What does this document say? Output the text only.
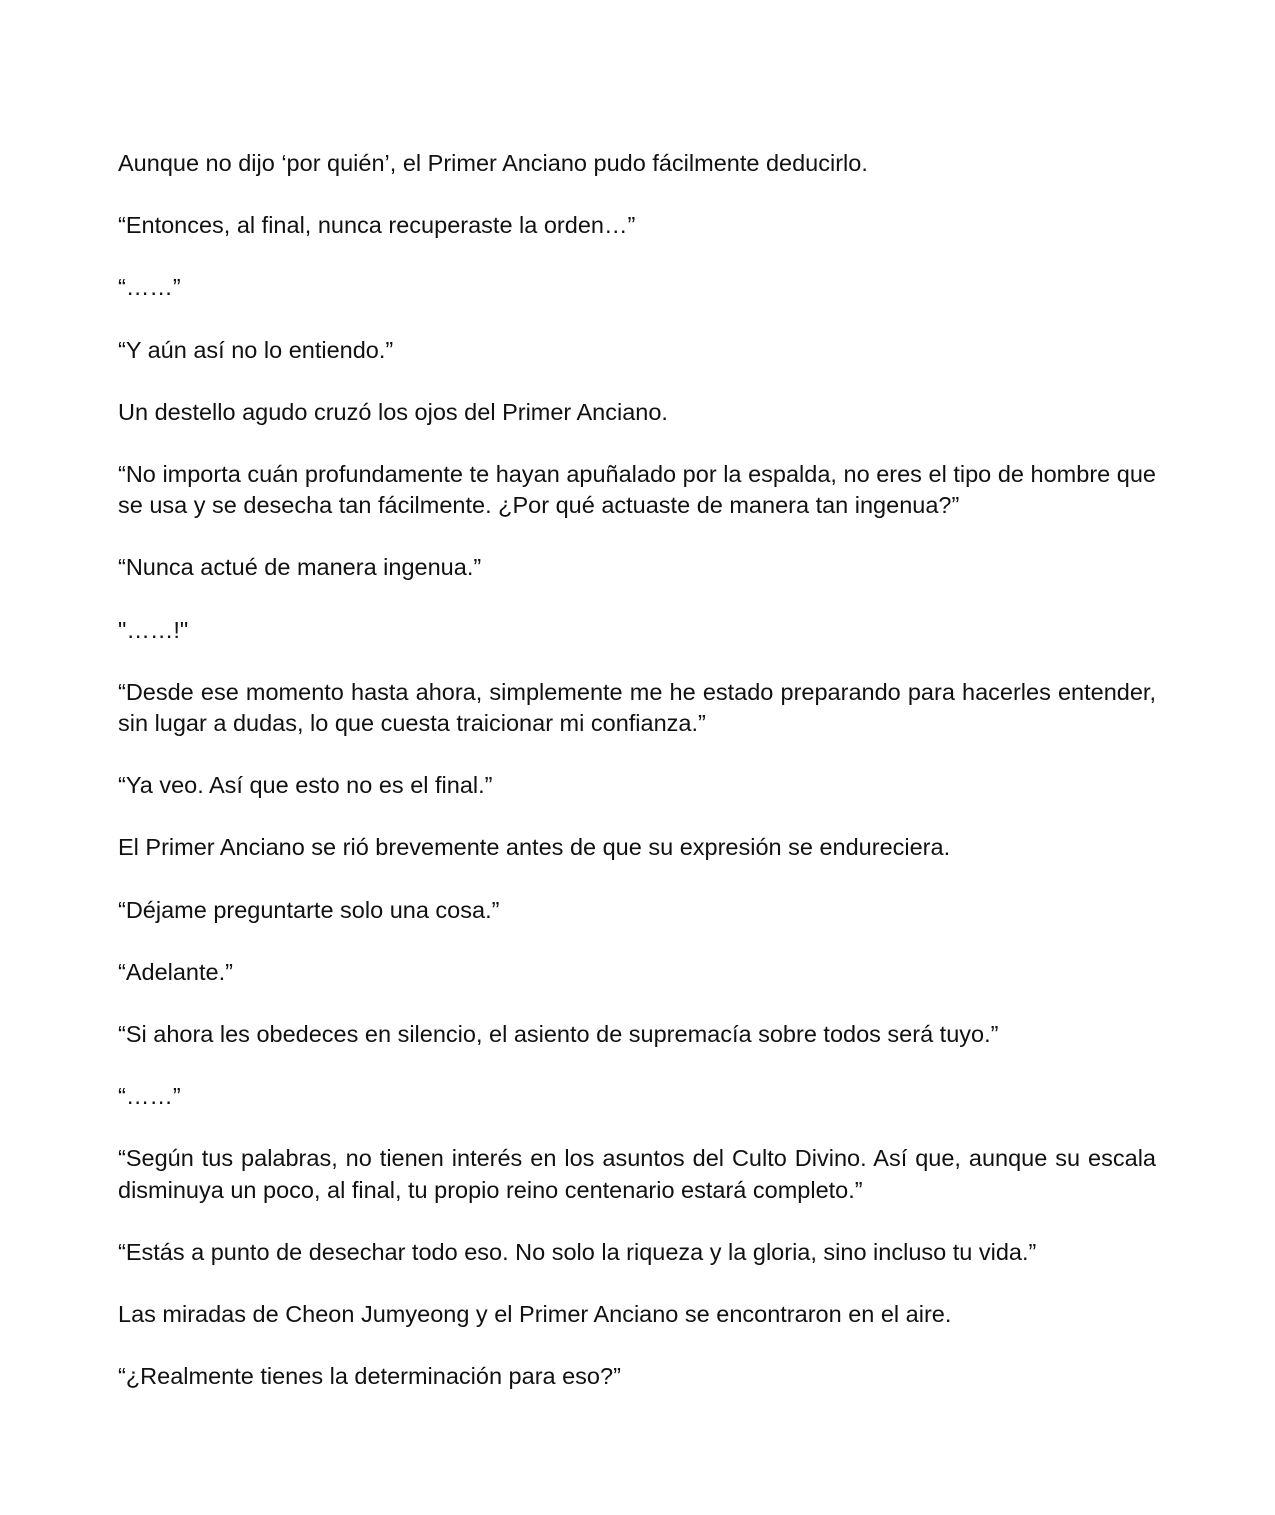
Aunque no dijo ‘por quién’, el Primer Anciano pudo fácilmente deducirlo.

“Entonces, al final, nunca recuperaste la orden…”

“……”

“Y aún así no lo entiendo.”

Un destello agudo cruzó los ojos del Primer Anciano.

“No importa cuán profundamente te hayan apuñalado por la espalda, no eres el tipo de hombre que se usa y se desecha tan fácilmente. ¿Por qué actuaste de manera tan ingenua?”

“Nunca actué de manera ingenua.”

"……!"

“Desde ese momento hasta ahora, simplemente me he estado preparando para hacerles entender, sin lugar a dudas, lo que cuesta traicionar mi confianza.”

“Ya veo. Así que esto no es el final.”

El Primer Anciano se rió brevemente antes de que su expresión se endureciera.

“Déjame preguntarte solo una cosa.”

“Adelante.”

“Si ahora les obedeces en silencio, el asiento de supremacía sobre todos será tuyo.”

“……”

“Según tus palabras, no tienen interés en los asuntos del Culto Divino. Así que, aunque su escala disminuya un poco, al final, tu propio reino centenario estará completo.”

“Estás a punto de desechar todo eso. No solo la riqueza y la gloria, sino incluso tu vida.”

Las miradas de Cheon Jumyeong y el Primer Anciano se encontraron en el aire.

“¿Realmente tienes la determinación para eso?”
